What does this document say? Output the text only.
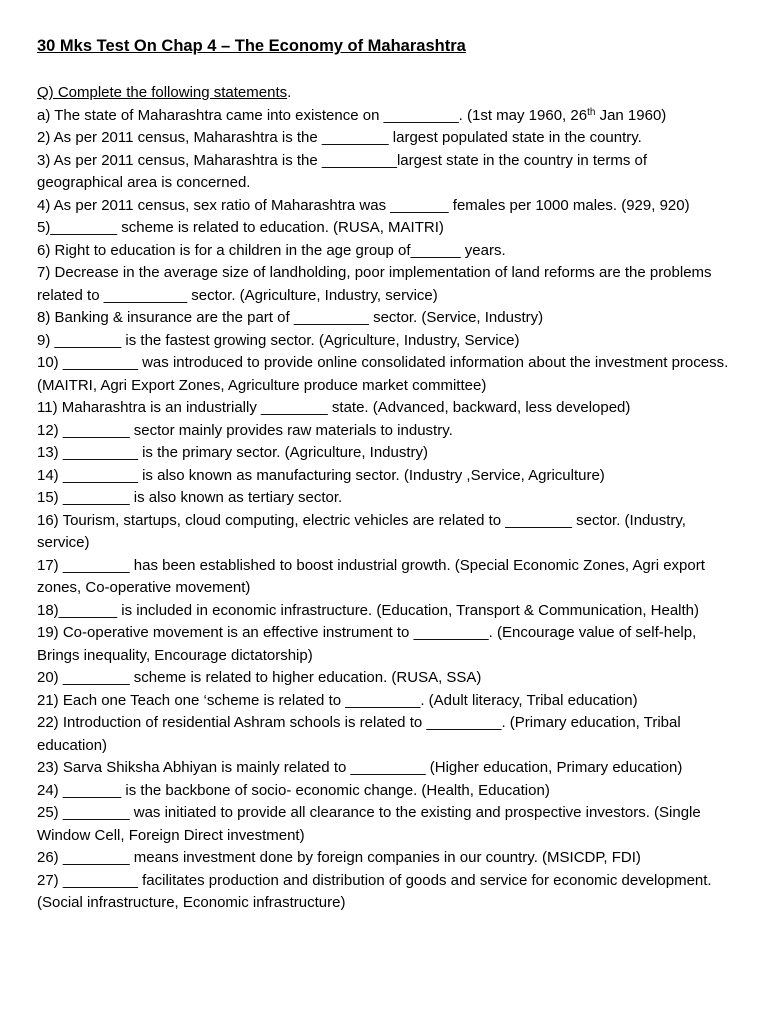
30 Mks Test On Chap 4 – The Economy of Maharashtra
Q) Complete the following statements.

a) The state of Maharashtra came into existence on _________. (1st may 1960, 26th Jan 1960)

2) As per 2011 census, Maharashtra is the ________ largest populated state in the country.

3) As per 2011 census, Maharashtra is the _________largest state in the country in terms of geographical area is concerned.

4) As per 2011 census, sex ratio of Maharashtra was _______ females per 1000 males. (929, 920)

5)________ scheme is related to education. (RUSA, MAITRI)

6) Right to education is for a children in the age group of______ years.

7) Decrease in the average size of landholding, poor implementation of land reforms are the problems related to __________ sector. (Agriculture, Industry, service)

8) Banking & insurance are the part of _________ sector. (Service, Industry)

9) ________ is the fastest growing sector. (Agriculture, Industry, Service)

10) _________ was introduced to provide online consolidated information about the investment process. (MAITRI, Agri Export Zones, Agriculture produce market committee)

11) Maharashtra is an industrially ________ state. (Advanced, backward, less developed)

12) ________ sector mainly provides raw materials to industry.

13) _________ is the primary sector. (Agriculture, Industry)

14) _________ is also known as manufacturing sector. (Industry ,Service, Agriculture)

15) ________ is also known as tertiary sector.

16) Tourism, startups, cloud computing, electric vehicles are related to ________ sector. (Industry, service)

17) ________ has been established to boost industrial growth. (Special Economic Zones, Agri export zones, Co-operative movement)

18)_______ is included in economic infrastructure. (Education, Transport & Communication, Health)

19) Co-operative movement is an effective instrument to _________. (Encourage value of self-help, Brings inequality, Encourage dictatorship)

20) ________ scheme is related to higher education. (RUSA, SSA)

21) Each one Teach one ‘scheme is related to _________. (Adult literacy, Tribal education)

22) Introduction of residential Ashram schools is related to _________. (Primary education, Tribal education)

23) Sarva Shiksha Abhiyan is mainly related to _________ (Higher education, Primary education)

24) _______ is the backbone of socio- economic change. (Health, Education)

25) ________ was initiated to provide all clearance to the existing and prospective investors. (Single Window Cell, Foreign Direct investment)

26) ________ means investment done by foreign companies in our country. (MSICDP, FDI)

27) _________ facilitates production and distribution of goods and service for economic development. (Social infrastructure, Economic infrastructure)
